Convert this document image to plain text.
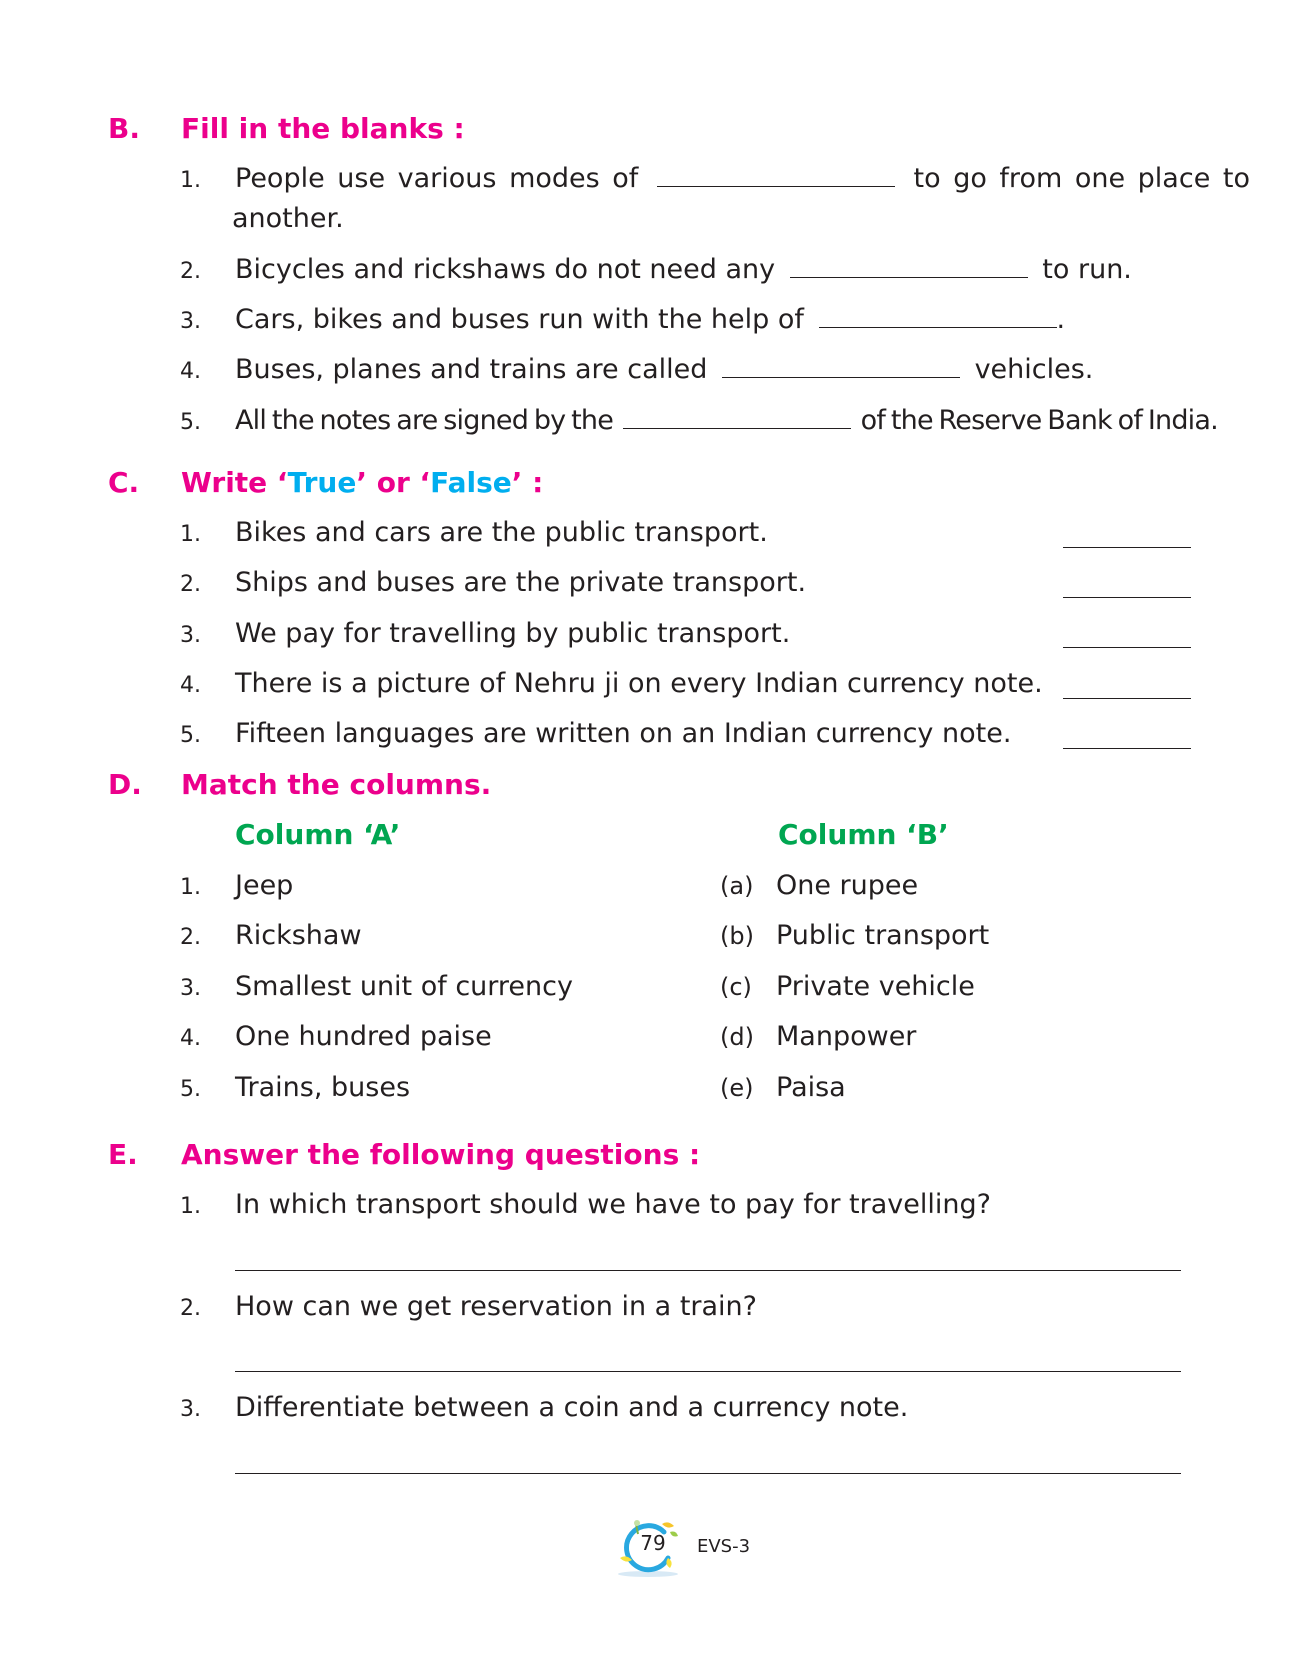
B. Fill in the blanks :
1. People use various modes of	to go from one place to
another.
2. Bicycles and rickshaws do not need any	to run.
3. Cars, bikes and buses run with the help of	.
4. Buses, planes and trains are called	vehicles.
5. All the notes are signed by the	of the Reserve Bank of India.
C. Write ‘True’ or ‘False’ :
1. Bikes and cars are the public transport.
2. Ships and buses are the private transport.
3. We pay for travelling by public transport.
4. There is a picture of Nehru ji on every Indian currency note.
5. Fifteen languages are written on an Indian currency note.
D. Match the columns.
Column ‘A’	Column ‘B’
1. Jeep	(a) One rupee
2. Rickshaw	(b) Public transport
3. Smallest unit of currency	(c) Private vehicle
4. One hundred paise	(d) Manpower
5. Trains, buses	(e) Paisa
E. Answer the following questions :
1. In which transport should we have to pay for travelling?
2. How can we get reservation in a train?
3. Differentiate between a coin and a currency note.
79	EVS-3
